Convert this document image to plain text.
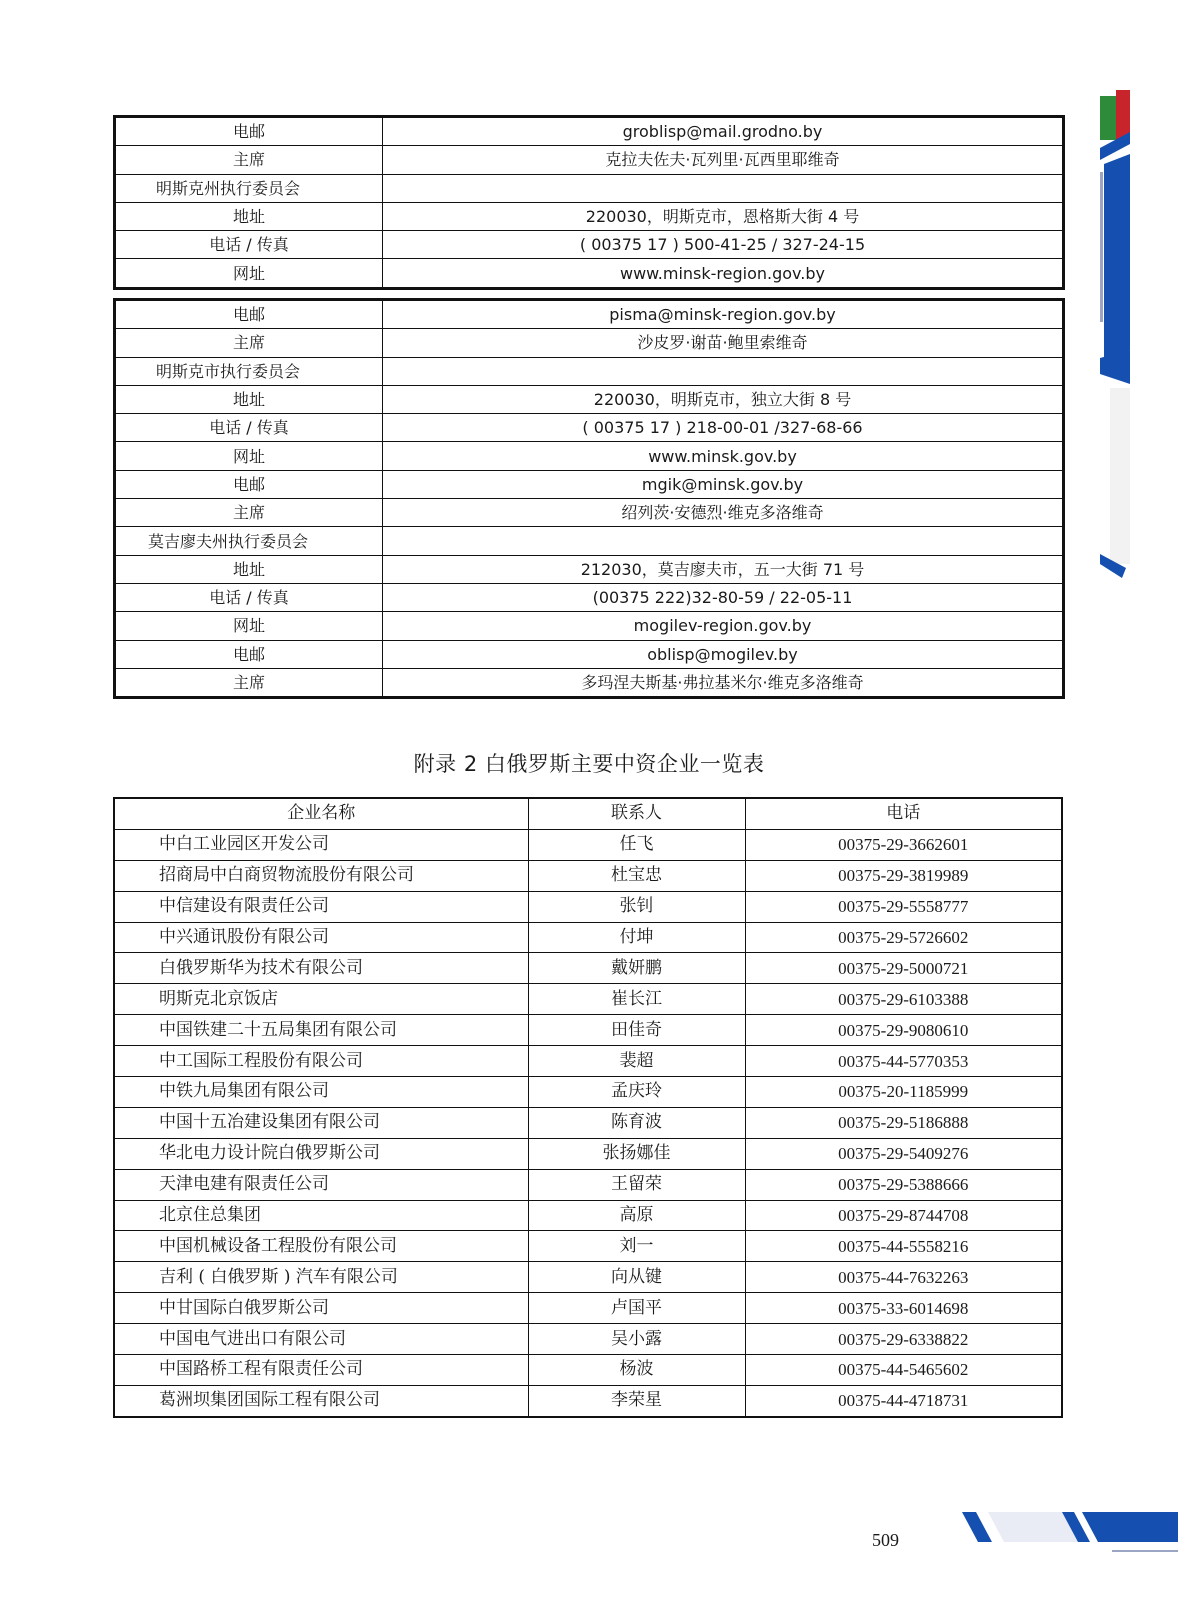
电邮	groblisp@mail.grodno.by
主席	克拉夫佐夫·瓦列里·瓦西里耶维奇
明斯克州执行委员会	
地址	220030，明斯克市，恩格斯大街 4 号
电话 / 传真	( 00375 17 ) 500-41-25 / 327-24-15
网址	www.minsk-region.gov.by
电邮	pisma@minsk-region.gov.by
主席	沙皮罗·谢苗·鲍里索维奇
明斯克市执行委员会	
地址	220030，明斯克市，独立大街 8 号
电话 / 传真	( 00375 17 ) 218-00-01 /327-68-66
网址	www.minsk.gov.by
电邮	mgik@minsk.gov.by
主席	绍列茨·安德烈·维克多洛维奇
莫吉廖夫州执行委员会	
地址	212030，莫吉廖夫市，五一大街 71 号
电话 / 传真	(00375 222)32-80-59 / 22-05-11
网址	mogilev-region.gov.by
电邮	oblisp@mogilev.by
主席	多玛涅夫斯基·弗拉基米尔·维克多洛维奇
附录 2 白俄罗斯主要中资企业一览表
企业名称	联系人	电话
中白工业园区开发公司	任飞	00375-29-3662601
招商局中白商贸物流股份有限公司	杜宝忠	00375-29-3819989
中信建设有限责任公司	张钊	00375-29-5558777
中兴通讯股份有限公司	付坤	00375-29-5726602
白俄罗斯华为技术有限公司	戴妍鹏	00375-29-5000721
明斯克北京饭店	崔长江	00375-29-6103388
中国铁建二十五局集团有限公司	田佳奇	00375-29-9080610
中工国际工程股份有限公司	裴超	00375-44-5770353
中铁九局集团有限公司	孟庆玲	00375-20-1185999
中国十五冶建设集团有限公司	陈育波	00375-29-5186888
华北电力设计院白俄罗斯公司	张扬娜佳	00375-29-5409276
天津电建有限责任公司	王留荣	00375-29-5388666
北京住总集团	高原	00375-29-8744708
中国机械设备工程股份有限公司	刘一	00375-44-5558216
吉利 ( 白俄罗斯 ) 汽车有限公司	向从键	00375-44-7632263
中甘国际白俄罗斯公司	卢国平	00375-33-6014698
中国电气进出口有限公司	吴小露	00375-29-6338822
中国路桥工程有限责任公司	杨波	00375-44-5465602
葛洲坝集团国际工程有限公司	李荣星	00375-44-4718731
509
